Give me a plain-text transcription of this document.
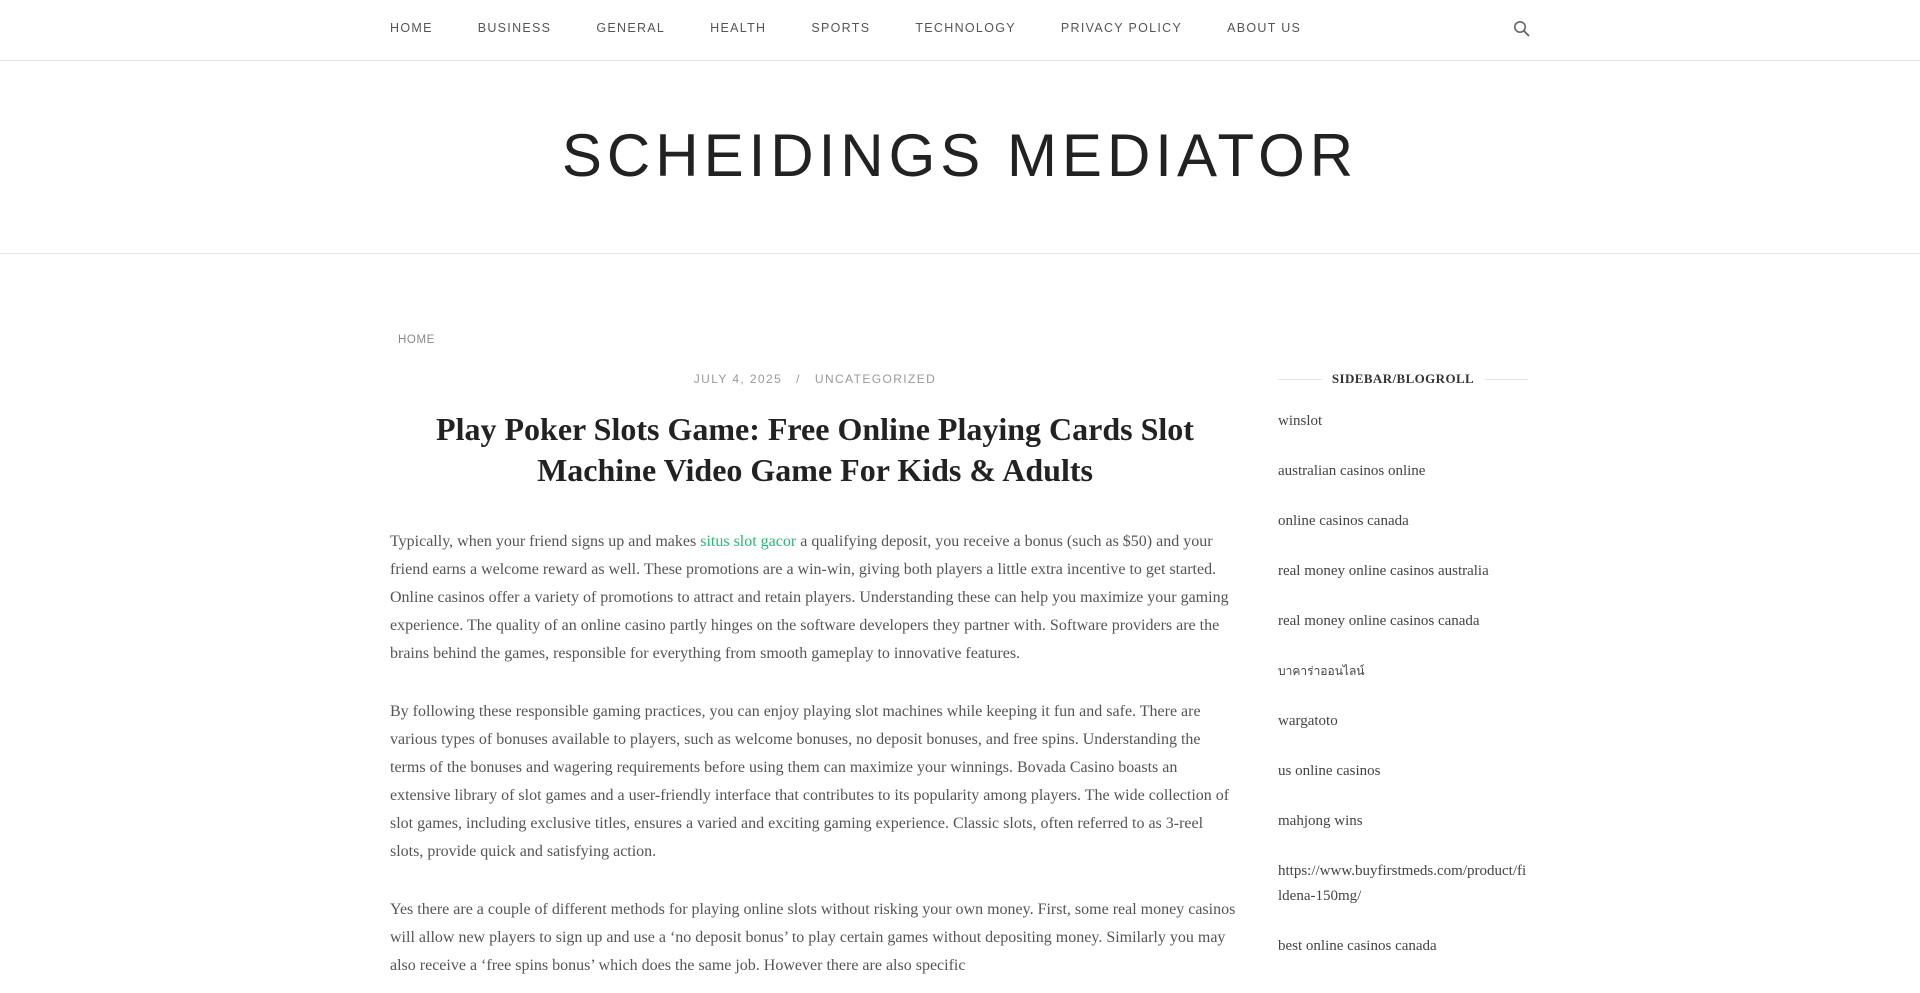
HOME	BUSINESS	GENERAL	HEALTH	SPORTS	TECHNOLOGY	PRIVACY POLICY	ABOUT US
SCHEIDINGS MEDIATOR
HOME
JULY 4, 2025 / UNCATEGORIZED
Play Poker Slots Game: Free Online Playing Cards Slot Machine Video Game For Kids & Adults

Typically, when your friend signs up and makes situs slot gacor a qualifying deposit, you receive a bonus (such as $50) and your friend earns a welcome reward as well. These promotions are a win-win, giving both players a little extra incentive to get started. Online casinos offer a variety of promotions to attract and retain players. Understanding these can help you maximize your gaming experience. The quality of an online casino partly hinges on the software developers they partner with. Software providers are the brains behind the games, responsible for everything from smooth gameplay to innovative features.

By following these responsible gaming practices, you can enjoy playing slot machines while keeping it fun and safe. There are various types of bonuses available to players, such as welcome bonuses, no deposit bonuses, and free spins. Understanding the terms of the bonuses and wagering requirements before using them can maximize your winnings. Bovada Casino boasts an extensive library of slot games and a user-friendly interface that contributes to its popularity among players. The wide collection of slot games, including exclusive titles, ensures a varied and exciting gaming experience. Classic slots, often referred to as 3-reel slots, provide quick and satisfying action.

Yes there are a couple of different methods for playing online slots without risking your own money. First, some real money casinos will allow new players to sign up and use a ‘no deposit bonus’ to play certain games without depositing money. Similarly you may also receive a ‘free spins bonus’ which does the same job. However there are also specific

SIDEBAR/BLOGROLL
winslot
australian casinos online
online casinos canada
real money online casinos australia
real money online casinos canada
บาคาร่าออนไลน์
wargatoto
us online casinos
mahjong wins
https://www.buyfirstmeds.com/product/fildena-150mg/
best online casinos canada
